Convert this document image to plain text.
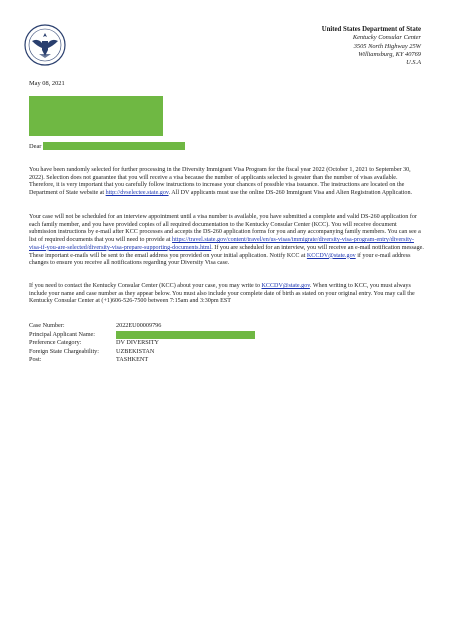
United States Department of State
Kentucky Consular Center
3505 North Highway 25W
Williamsburg, KY 40769
U.S.A
May 08, 2021
Dear

You have been randomly selected for further processing in the Diversity Immigrant Visa Program for the fiscal year 2022 (October 1, 2021 to September 30, 2022). Selection does not guarantee that you will receive a visa because the number of applicants selected is greater than the number of visas available. Therefore, it is very important that you carefully follow instructions to increase your chances of possible visa issuance. The instructions are located on the Department of State website at http://dvselectee.state.gov. All DV applicants must use the online DS-260 Immigrant Visa and Alien Registration Application.

Your case will not be scheduled for an interview appointment until a visa number is available, you have submitted a complete and valid DS-260 application for each family member, and you have provided copies of all required documentation to the Kentucky Consular Center (KCC). You will receive document submission instructions by e-mail after KCC processes and accepts the DS-260 application forms for you and any accompanying family members. You can see a list of required documents that you will need to provide at https://travel.state.gov/content/travel/en/us-visas/immigrate/diversity-visa-program-entry/diversity-visa-if-you-are-selected/diversity-visa-prepare-supporting-documents.html. If you are scheduled for an interview, you will receive an e-mail notification message. These important e-mails will be sent to the email address you provided on your initial application. Notify KCC at KCCDV@state.gov if your e-mail address changes to ensure you receive all notifications regarding your Diversity Visa case.

If you need to contact the Kentucky Consular Center (KCC) about your case, you may write to KCCDV@state.gov. When writing to KCC, you must always include your name and case number as they appear below. You must also include your complete date of birth as stated on your original entry. You may call the Kentucky Consular Center at (+1)606-526-7500 between 7:15am and 3:30pm EST

Case Number:	2022EU00009796
Principal Applicant Name:
Preference Category:	DV DIVERSITY
Foreign State Chargeability:	UZBEKISTAN
Post:	TASHKENT
